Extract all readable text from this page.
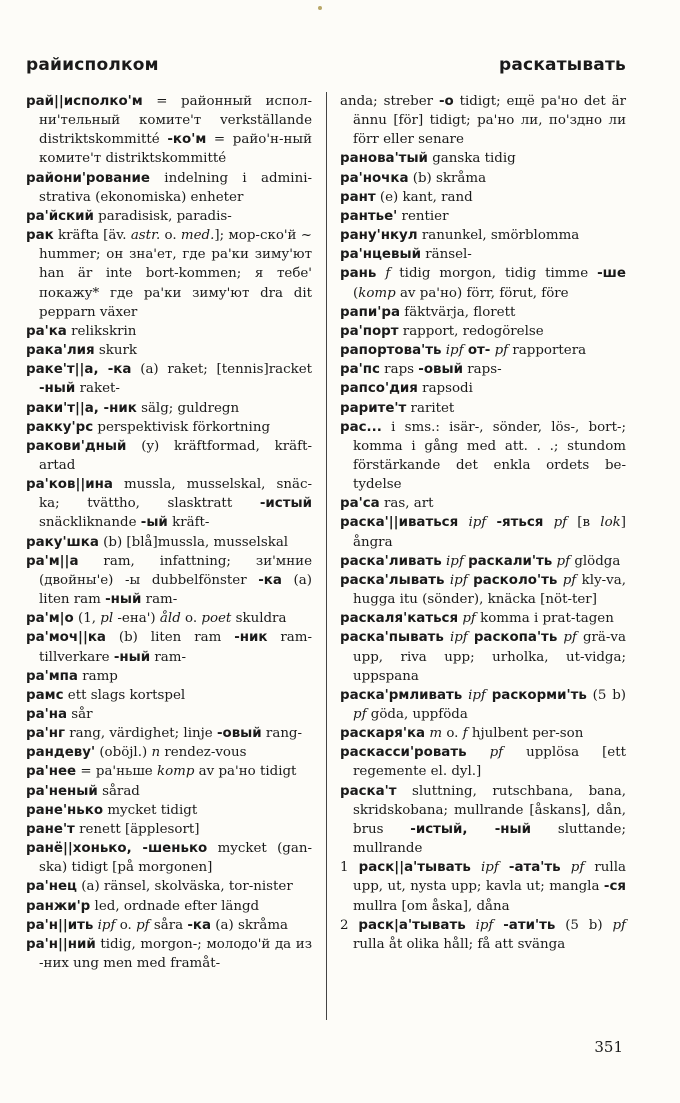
райисполком	раскатывать

рай||исполко'м = районный испол-ни'тельный комите'т verkställande distriktskommitté -ко'м = райо'н-ный комите'т distriktskommitté

райони'рование indelning i admini-strativa (ekonomiska) enheter

ра'йский paradisisk, paradis-

рак kräfta [äv. astr. o. med.]; мор-ско'й ~ hummer; он зна'ет, где ра'ки зиму'ют han är inte bort-kommen; я тебе' покажу* где ра'ки зиму'ют dra dit pepparn växer

ра'ка relikskrin

рака'лия skurk

раке'т||а, -ка (a) raket; [tennis]racket -ный raket-

раки'т||а, -ник sälg; guldregn

ракку'рс perspektivisk förkortning

ракови'дный (y) kräftformad, kräft-artad

ра'ков||ина mussla, musselskal, snäc-ka; tvättho, slasktratt -истый snäckliknande -ый kräft-

раку'шка (b) [blå]mussla, musselskal

ра'м||а ram, infattning; зи'мние (двойны'е) -ы dubbelfönster -ка (a) liten ram -ный ram-

ра'м|о (1, pl -ена') åld o. poet skuldra

ра'моч||ка (b) liten ram -ник ram-tillverkare -ный ram-

ра'мпа ramp

рамс ett slags kortspel

ра'на sår

ра'нг rang, värdighet; linje -овый rang-

рандеву' (oböjl.) n rendez-vous

ра'нее = ра'ньше komp av ра'но tidigt

ра'неный sårad

ране'нько mycket tidigt

ране'т renett [äpplesort]

ранё||хонько, -шенько mycket (gan-ska) tidigt [på morgonen]

ра'нец (a) ränsel, skolväska, tor-nister

ранжи'р led, ordnade efter längd

ра'н||ить ipf o. pf såra -ка (a) skråma

ра'н||ний tidig, morgon-; молодо'й да из -них ung men med framåt-

anda; streber -о tidigt; ещё ра'но det är ännu [för] tidigt; ра'но ли, по'здно ли förr eller senare

ранова'тый ganska tidig

ра'ночка (b) skråma

рант (e) kant, rand

рантье' rentier

рану'нкул ranunkel, smörblomma

ра'нцевый ränsel-

рань f tidig morgon, tidig timme -ше (komp av ра'но) förr, förut, före

рапи'ра fäktvärja, florett

ра'порт rapport, redogörelse

рапортова'ть ipf от- pf rapportera

ра'пс raps -овый raps-

рапсо'дия rapsodi

рарите'т raritet

рас... i sms.: isär-, sönder, lös-, bort-; komma i gång med att. . .; stundom förstärkande det enkla ordets be-tydelse

ра'са ras, art

раска'||иваться ipf -яться pf [в lok] ångra

раска'ливать ipf раскали'ть pf glödga

раска'лывать ipf расколо'ть pf kly-va, hugga itu (sönder), knäcka [nöt-ter]

раскаля'каться pf komma i prat-tagen

раска'пывать ipf раскопа'ть pf grä-va upp, riva upp; urholka, ut-vidga; uppspana

раска'рмливать ipf раскорми'ть (5 b) pf göda, uppföda

раскаря'ка m o. f hjulbent per-son

раскасси'ровать pf upplösa [ett regemente el. dyl.]

раска'т sluttning, rutschbana, bana, skridskobana; mullrande [åskans], dån, brus -истый, -ный sluttande; mullrande

1 раск||а'тывать ipf -ата'ть pf rulla upp, ut, nysta upp; kavla ut; mangla -ся mullra [om åska], dåna

2 раск|а'тывать ipf -ати'ть (5 b) pf rulla åt olika håll; få att svänga

351
